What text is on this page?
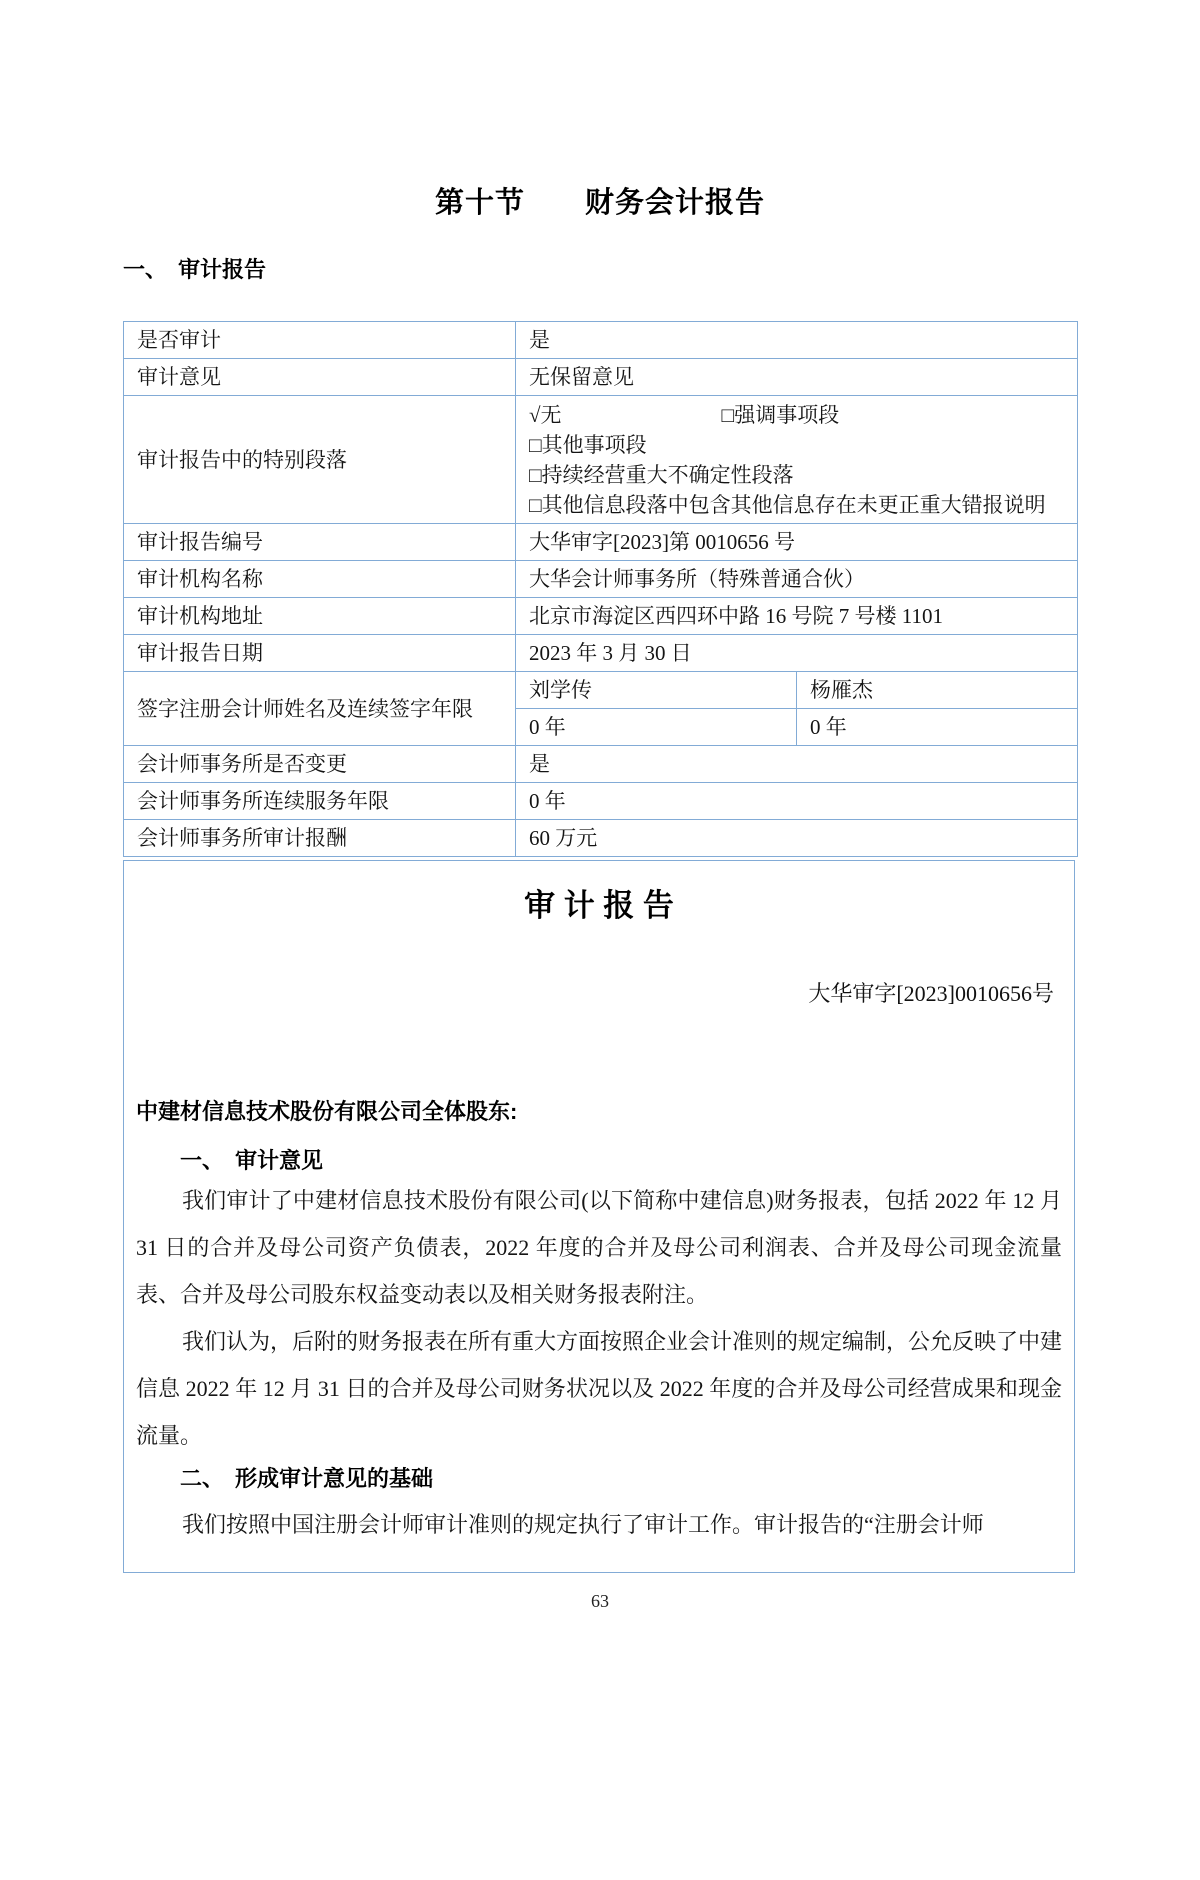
第十节　　财务会计报告
一、　审计报告
是否审计	是	
审计意见	无保留意见	
审计报告中的特别段落	√无 □强调事项段
□其他事项段
□持续经营重大不确定性段落
□其他信息段落中包含其他信息存在未更正重大错报说明	

审计报告编号	大华审字[2023]第 0010656 号	
审计机构名称	大华会计师事务所（特殊普通合伙）	
审计机构地址	北京市海淀区西四环中路 16 号院 7 号楼 1101	
审计报告日期	2023 年 3 月 30 日	
签字注册会计师姓名及连续签字年限	刘学传	杨雁杰
	0 年	0 年
会计师事务所是否变更	是	
会计师事务所连续服务年限	0 年	
会计师事务所审计报酬	60 万元	
审 计 报 告
大华审字[2023]0010656号
中建材信息技术股份有限公司全体股东:
一、　审计意见

我们审计了中建材信息技术股份有限公司(以下简称中建信息)财务报表，包括 2022 年 12 月 31 日的合并及母公司资产负债表，2022 年度的合并及母公司利润表、合并及母公司现金流量表、合并及母公司股东权益变动表以及相关财务报表附注。

我们认为，后附的财务报表在所有重大方面按照企业会计准则的规定编制，公允反映了中建信息 2022 年 12 月 31 日的合并及母公司财务状况以及 2022 年度的合并及母公司经营成果和现金流量。

二、　形成审计意见的基础

我们按照中国注册会计师审计准则的规定执行了审计工作。审计报告的“注册会计师

63
